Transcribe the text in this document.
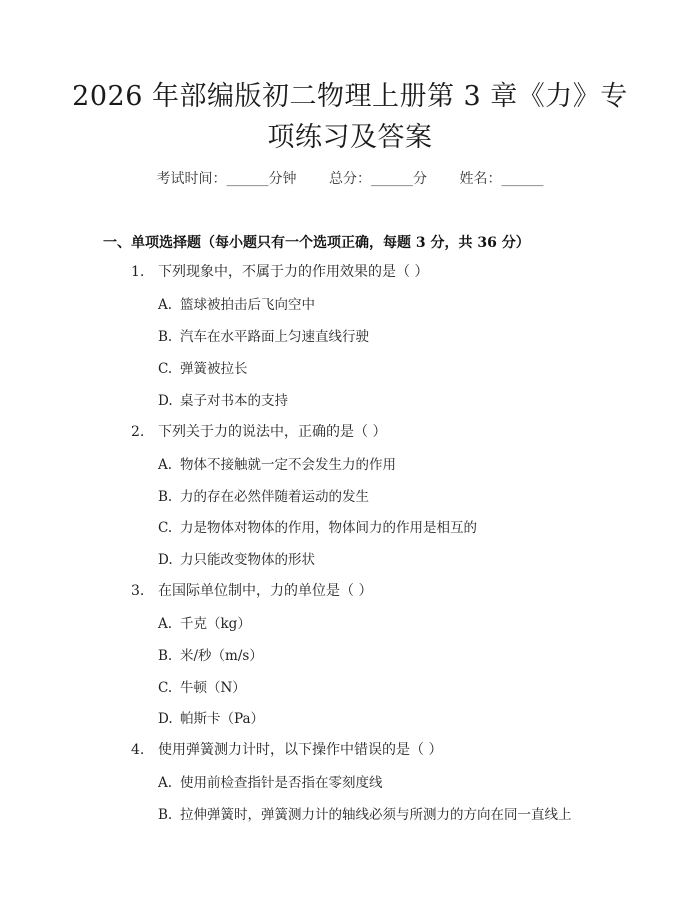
2026 年部编版初二物理上册第 3 章《力》专
项练习及答案
考试时间：______分钟 总分：______分 姓名：______
一、单项选择题（每小题只有一个选项正确，每题 3 分，共 36 分）
1. 下列现象中，不属于力的作用效果的是（ ）
A. 篮球被拍击后飞向空中
B. 汽车在水平路面上匀速直线行驶
C. 弹簧被拉长
D. 桌子对书本的支持
2. 下列关于力的说法中，正确的是（ ）
A. 物体不接触就一定不会发生力的作用
B. 力的存在必然伴随着运动的发生
C. 力是物体对物体的作用，物体间力的作用是相互的
D. 力只能改变物体的形状
3. 在国际单位制中，力的单位是（ ）
A. 千克（kg）
B. 米/秒（m/s）
C. 牛顿（N）
D. 帕斯卡（Pa）
4. 使用弹簧测力计时，以下操作中错误的是（ ）
A. 使用前检查指针是否指在零刻度线
B. 拉伸弹簧时，弹簧测力计的轴线必须与所测力的方向在同一直线上
